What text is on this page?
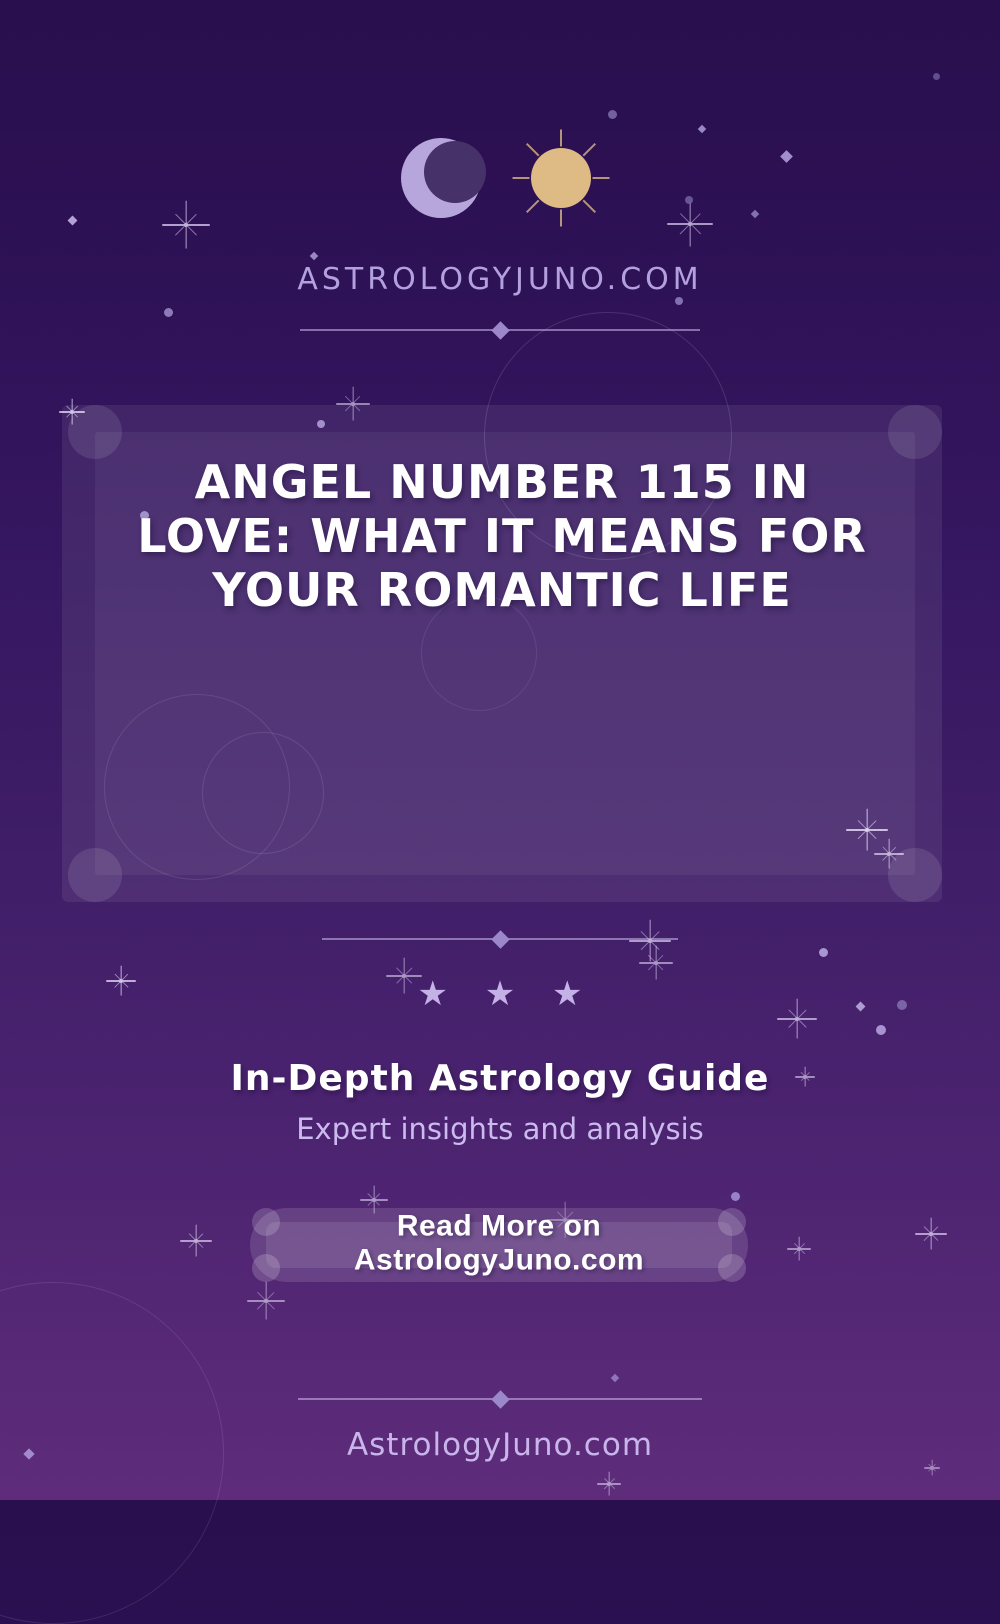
ASTROLOGYJUNO.COM
ANGEL NUMBER 115 IN
LOVE: WHAT IT MEANS FOR
YOUR ROMANTIC LIFE
★ ★ ★
In-Depth Astrology Guide
Expert insights and analysis
Read More on AstrologyJuno.com
AstrologyJuno.com
